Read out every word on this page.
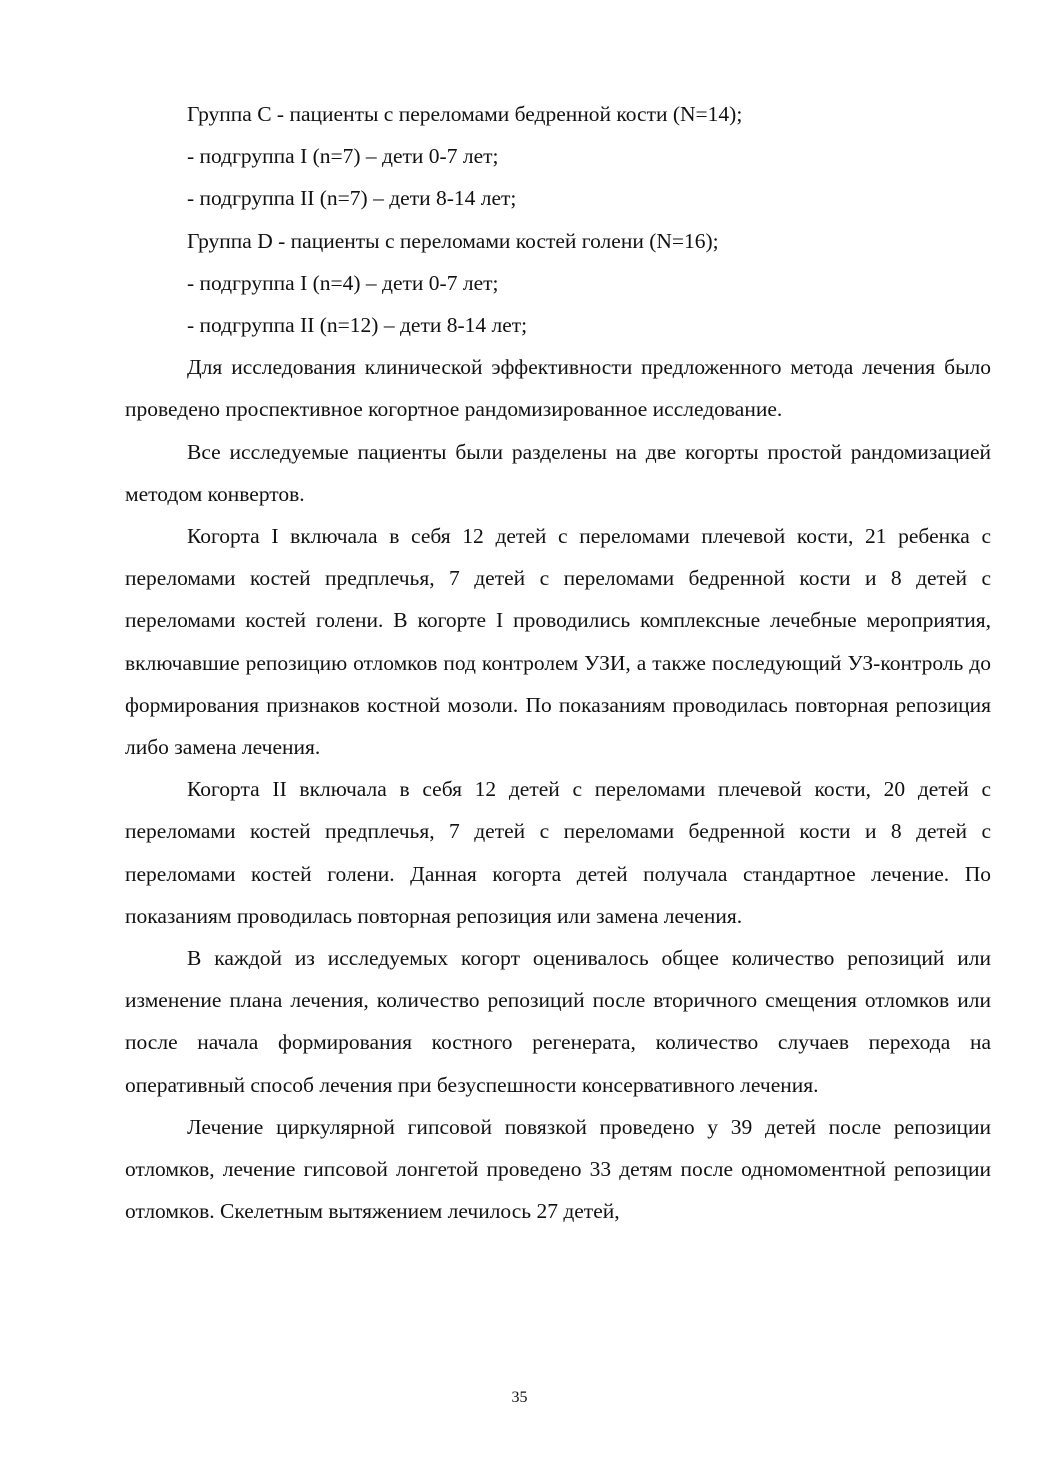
Группа C - пациенты с переломами бедренной кости (N=14);

- подгруппа I (n=7) – дети 0-7 лет;

- подгруппа II (n=7) – дети 8-14 лет;

Группа D - пациенты с переломами костей голени (N=16);

- подгруппа I (n=4) – дети 0-7 лет;

- подгруппа II (n=12) – дети 8-14 лет;

Для исследования клинической эффективности предложенного метода лечения было проведено проспективное когортное рандомизированное исследование.

Все исследуемые пациенты были разделены на две когорты простой рандомизацией методом конвертов.

Когорта I включала в себя 12 детей с переломами плечевой кости, 21 ребенка с переломами костей предплечья, 7 детей с переломами бедренной кости и 8 детей с переломами костей голени. В когорте I проводились комплексные лечебные мероприятия, включавшие репозицию отломков под контролем УЗИ, а также последующий УЗ-контроль до формирования признаков костной мозоли. По показаниям проводилась повторная репозиция либо замена лечения.

Когорта II включала в себя 12 детей с переломами плечевой кости, 20 детей с переломами костей предплечья, 7 детей с переломами бедренной кости и 8 детей с переломами костей голени. Данная когорта детей получала стандартное лечение. По показаниям проводилась повторная репозиция или замена лечения.

В каждой из исследуемых когорт оценивалось общее количество репозиций или изменение плана лечения, количество репозиций после вторичного смещения отломков или после начала формирования костного регенерата, количество случаев перехода на оперативный способ лечения при безуспешности консервативного лечения.

Лечение циркулярной гипсовой повязкой проведено у 39 детей после репозиции отломков, лечение гипсовой лонгетой проведено 33 детям после одномоментной репозиции отломков. Скелетным вытяжением лечилось 27 детей,

35
